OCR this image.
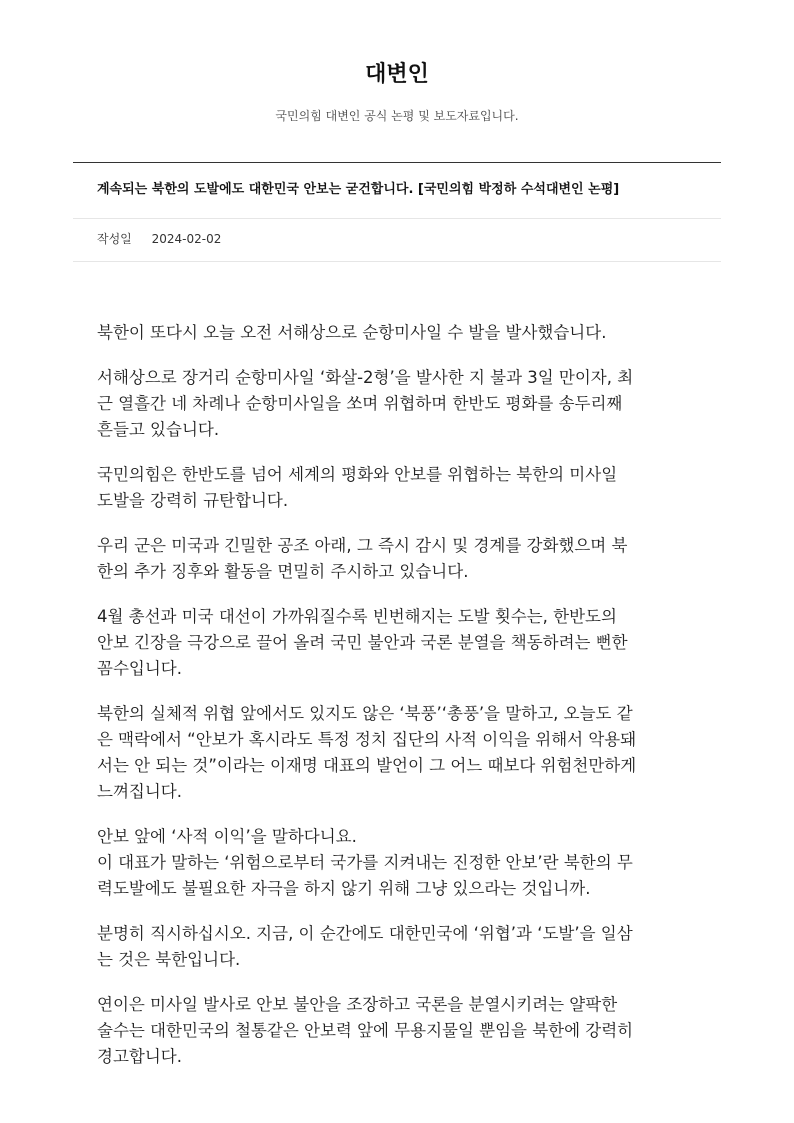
대변인
국민의힘 대변인 공식 논평 및 보도자료입니다.
계속되는 북한의 도발에도 대한민국 안보는 굳건합니다. [국민의힘 박정하 수석대변인 논평]
작성일 2024-02-02

북한이 또다시 오늘 오전 서해상으로 순항미사일 수 발을 발사했습니다.

서해상으로 장거리 순항미사일 ‘화살-2형’을 발사한 지 불과 3일 만이자, 최
근 열흘간 네 차례나 순항미사일을 쏘며 위협하며 한반도 평화를 송두리째
흔들고 있습니다.

국민의힘은 한반도를 넘어 세계의 평화와 안보를 위협하는 북한의 미사일
도발을 강력히 규탄합니다.

우리 군은 미국과 긴밀한 공조 아래, 그 즉시 감시 및 경계를 강화했으며 북
한의 추가 징후와 활동을 면밀히 주시하고 있습니다.

4월 총선과 미국 대선이 가까워질수록 빈번해지는 도발 횟수는, 한반도의
안보 긴장을 극강으로 끌어 올려 국민 불안과 국론 분열을 책동하려는 뻔한
꼼수입니다.

북한의 실체적 위협 앞에서도 있지도 않은 ‘북풍’‘총풍’을 말하고, 오늘도 같
은 맥락에서 “안보가 혹시라도 특정 정치 집단의 사적 이익을 위해서 악용돼
서는 안 되는 것”이라는 이재명 대표의 발언이 그 어느 때보다 위험천만하게
느껴집니다.

안보 앞에 ‘사적 이익’을 말하다니요.
이 대표가 말하는 ‘위험으로부터 국가를 지켜내는 진정한 안보’란 북한의 무
력도발에도 불필요한 자극을 하지 않기 위해 그냥 있으라는 것입니까.

분명히 직시하십시오. 지금, 이 순간에도 대한민국에 ‘위협’과 ‘도발’을 일삼
는 것은 북한입니다.

연이은 미사일 발사로 안보 불안을 조장하고 국론을 분열시키려는 얄팍한
술수는 대한민국의 철통같은 안보력 앞에 무용지물일 뿐임을 북한에 강력히
경고합니다.
